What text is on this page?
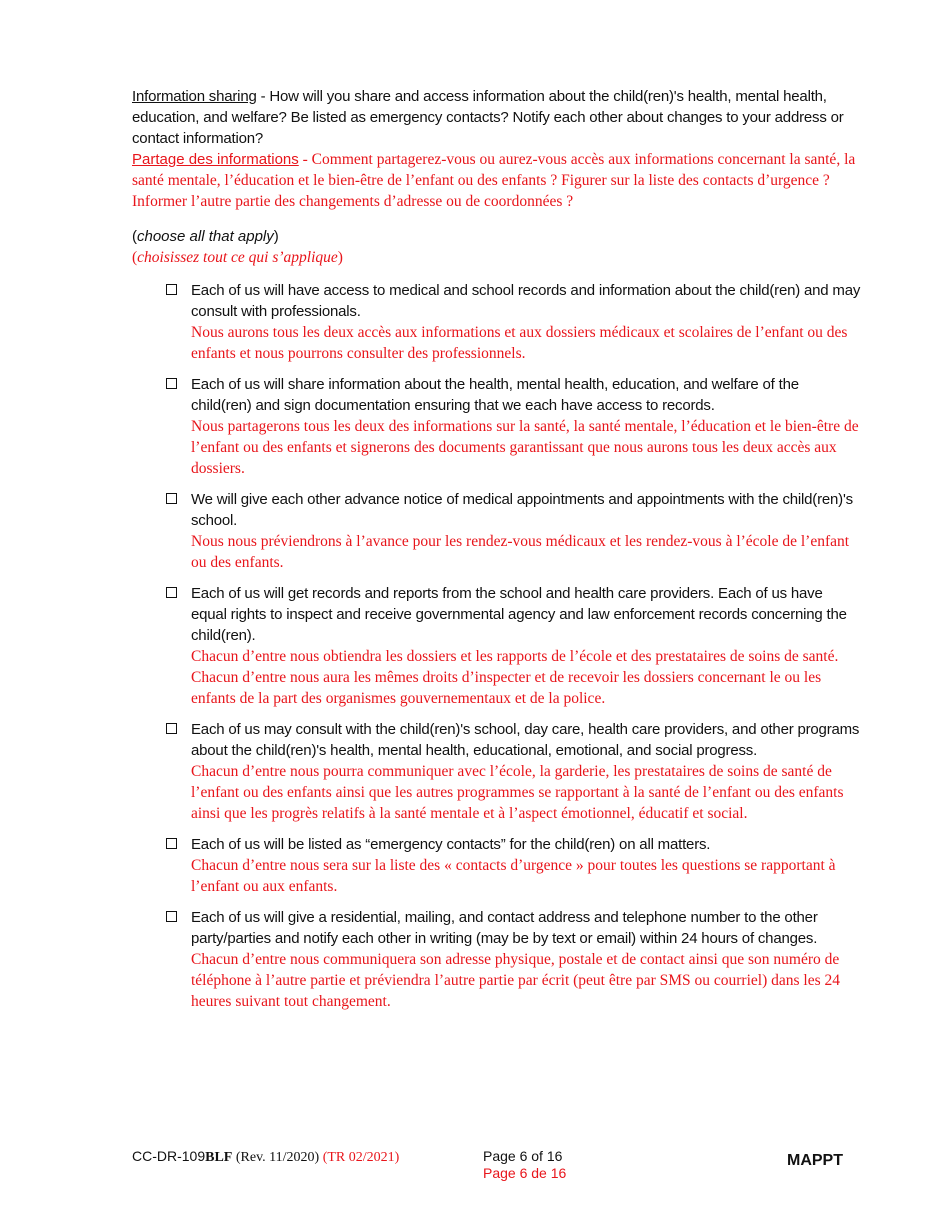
Information sharing - How will you share and access information about the child(ren)'s health, mental health, education, and welfare? Be listed as emergency contacts? Notify each other about changes to your address or contact information?
Partage des informations - Comment partagerez-vous ou aurez-vous accès aux informations concernant la santé, la santé mentale, l’éducation et le bien-être de l’enfant ou des enfants ? Figurer sur la liste des contacts d’urgence ? Informer l’autre partie des changements d’adresse ou de coordonnées ?
(choose all that apply)
(choisissez tout ce qui s’applique)
Each of us will have access to medical and school records and information about the child(ren) and may consult with professionals.
Nous aurons tous les deux accès aux informations et aux dossiers médicaux et scolaires de l’enfant ou des enfants et nous pourrons consulter des professionnels.
Each of us will share information about the health, mental health, education, and welfare of the child(ren) and sign documentation ensuring that we each have access to records.
Nous partagerons tous les deux des informations sur la santé, la santé mentale, l’éducation et le bien-être de l’enfant ou des enfants et signerons des documents garantissant que nous aurons tous les deux accès aux dossiers.
We will give each other advance notice of medical appointments and appointments with the child(ren)'s school.
Nous nous préviendrons à l’avance pour les rendez-vous médicaux et les rendez-vous à l’école de l’enfant ou des enfants.
Each of us will get records and reports from the school and health care providers. Each of us have equal rights to inspect and receive governmental agency and law enforcement records concerning the child(ren).
Chacun d’entre nous obtiendra les dossiers et les rapports de l’école et des prestataires de soins de santé. Chacun d’entre nous aura les mêmes droits d’inspecter et de recevoir les dossiers concernant le ou les enfants de la part des organismes gouvernementaux et de la police.
Each of us may consult with the child(ren)'s school, day care, health care providers, and other programs about the child(ren)'s health, mental health, educational, emotional, and social progress.
Chacun d’entre nous pourra communiquer avec l’école, la garderie, les prestataires de soins de santé de l’enfant ou des enfants ainsi que les autres programmes se rapportant à la santé de l’enfant ou des enfants ainsi que les progrès relatifs à la santé mentale et à l’aspect émotionnel, éducatif et social.
Each of us will be listed as “emergency contacts” for the child(ren) on all matters.
Chacun d’entre nous sera sur la liste des « contacts d’urgence » pour toutes les questions se rapportant à l’enfant ou aux enfants.
Each of us will give a residential, mailing, and contact address and telephone number to the other party/parties and notify each other in writing (may be by text or email) within 24 hours of changes.
Chacun d’entre nous communiquera son adresse physique, postale et de contact ainsi que son numéro de téléphone à l’autre partie et préviendra l’autre partie par écrit (peut être par SMS ou courriel) dans les 24 heures suivant tout changement.
CC-DR-109BLF (Rev. 11/2020) (TR 02/2021)	Page 6 of 16
Page 6 de 16
MAPPT
